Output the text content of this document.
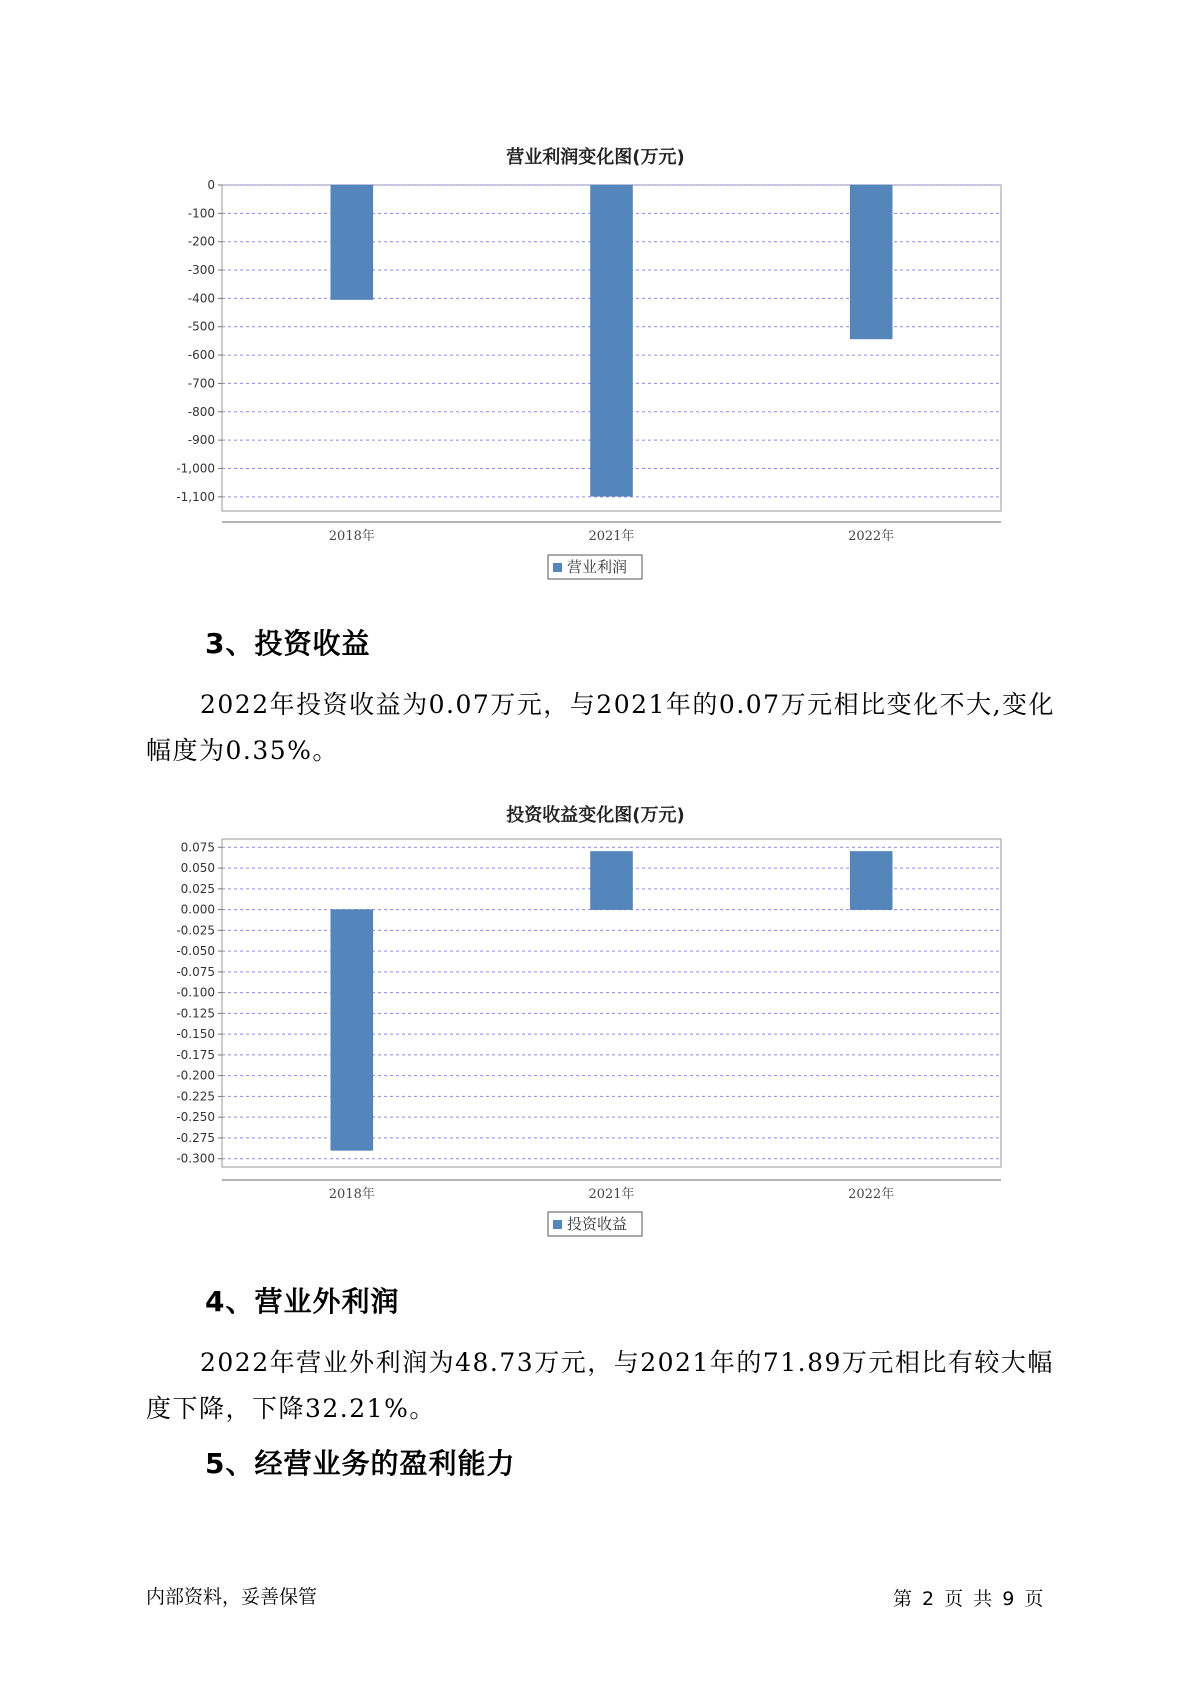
营业利润变化图(万元)
0
-100
-200
-300
-400
-500
-600
-700
-800
-900
-1,000
-1,100
2018年	2021年	2022年
营业利润
3、投资收益

2022年投资收益为0.07万元，与2021年的0.07万元相比变化不大,变化幅度为0.35%。

投资收益变化图(万元)
0.075
0.050
0.025
0.000
-0.025
-0.050
-0.075
-0.100
-0.125
-0.150
-0.175
-0.200
-0.225
-0.250
-0.275
-0.300
2018年	2021年	2022年
投资收益
4、营业外利润

2022年营业外利润为48.73万元，与2021年的71.89万元相比有较大幅度下降，下降32.21%。

5、经营业务的盈利能力
内部资料，妥善保管	第 2 页 共 9 页
